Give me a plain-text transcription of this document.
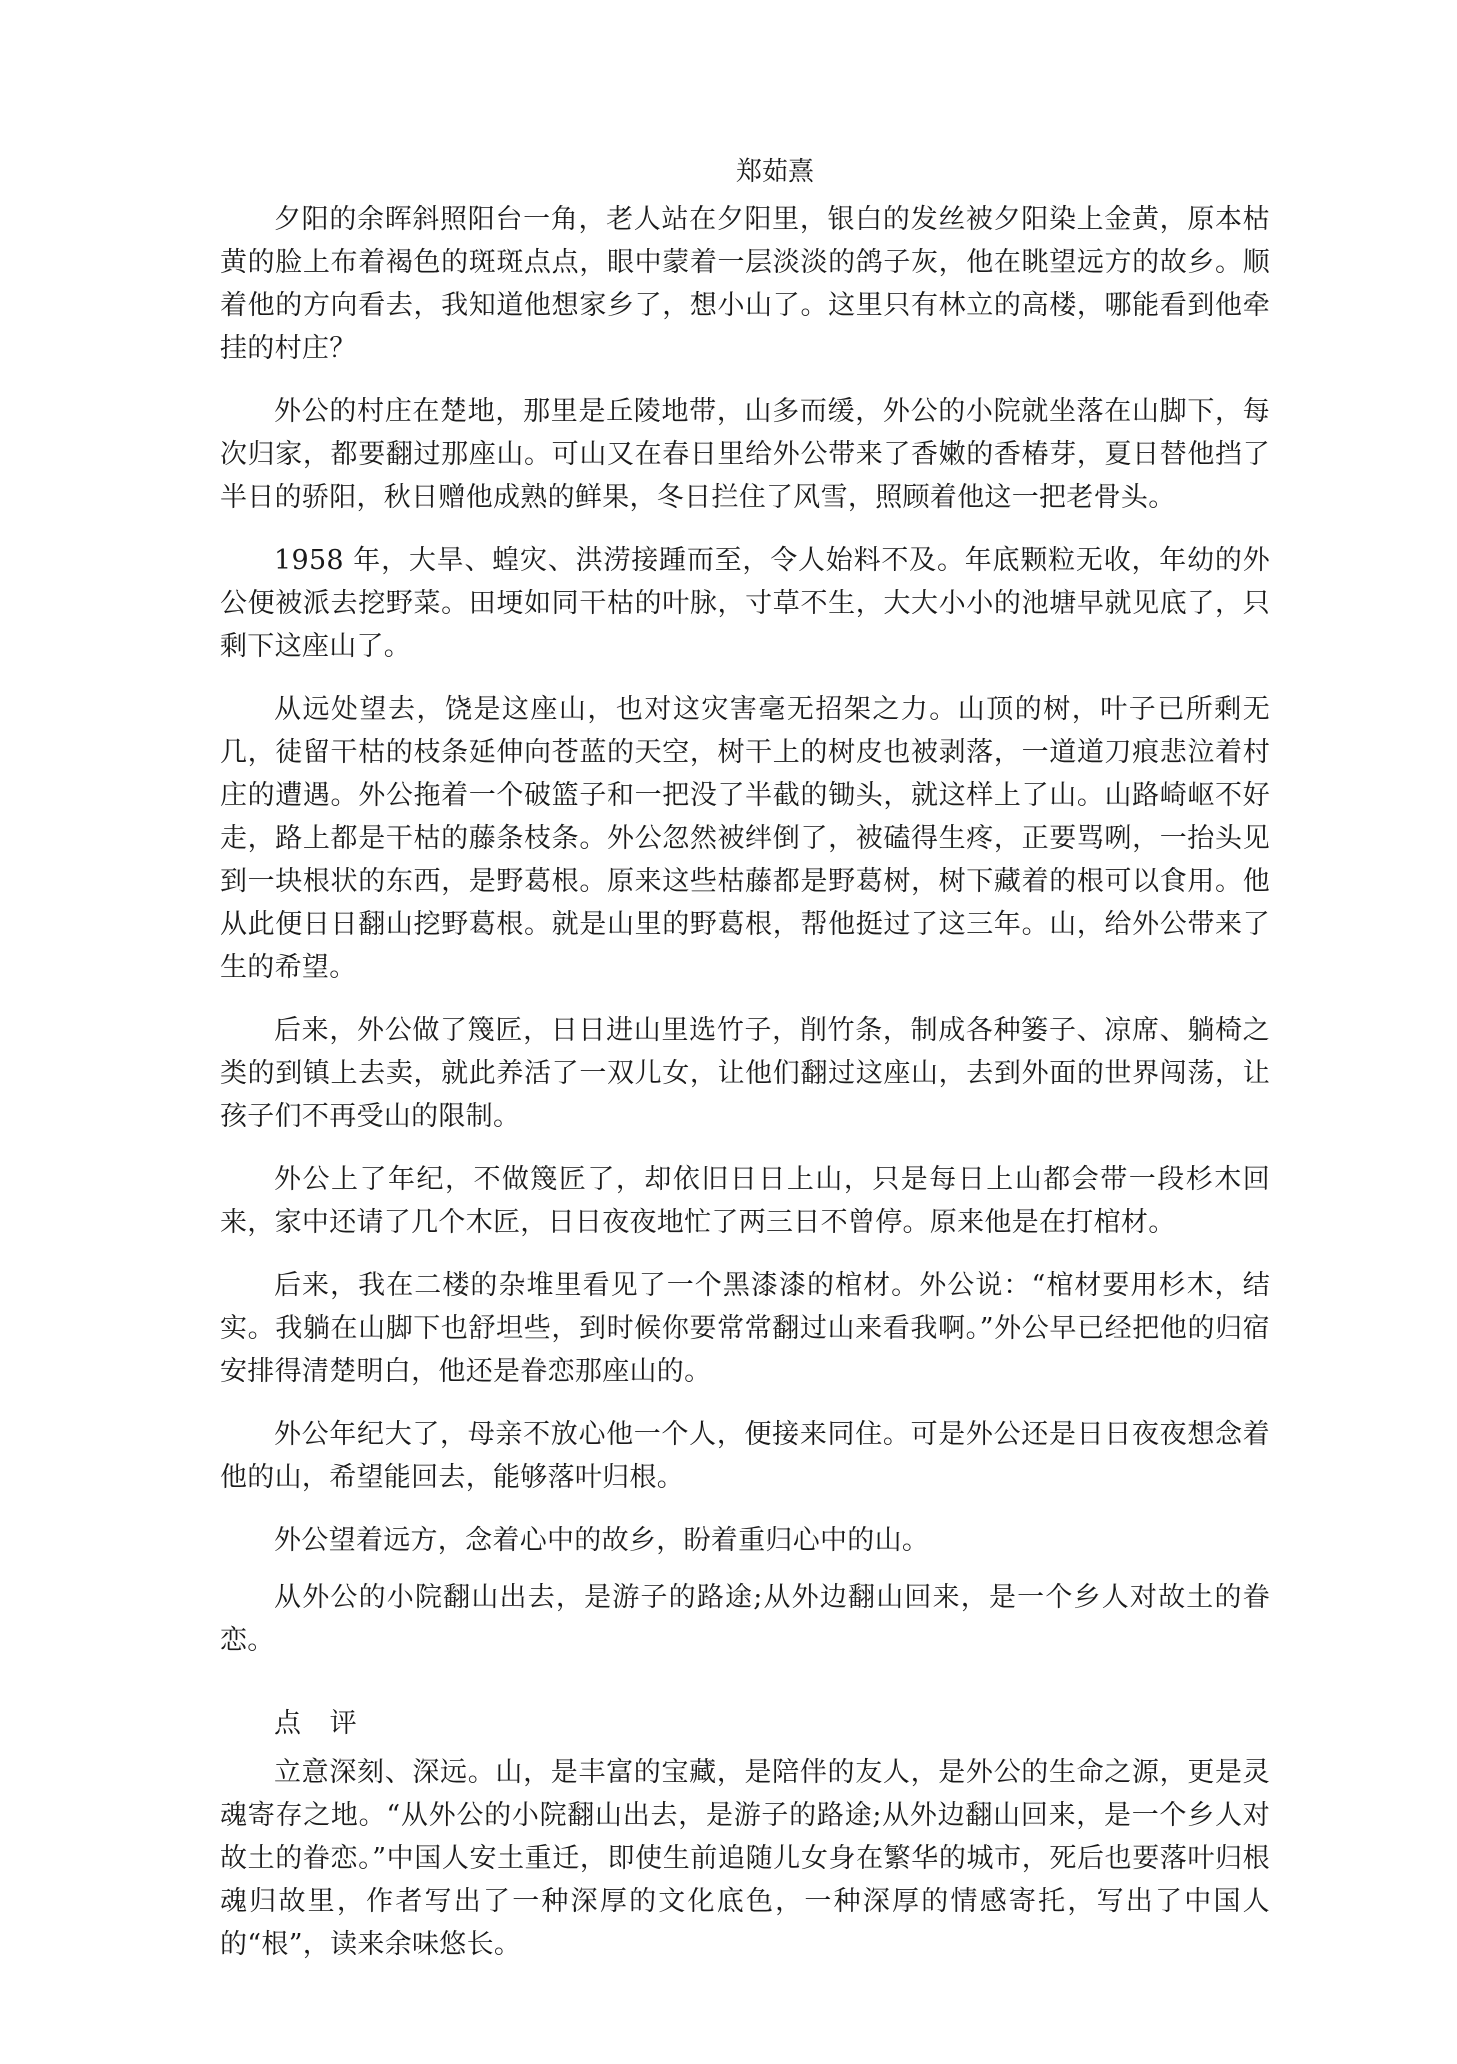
郑茹熹

夕阳的余晖斜照阳台一角，老人站在夕阳里，银白的发丝被夕阳染上金黄，原本枯黄的脸上布着褐色的斑斑点点，眼中蒙着一层淡淡的鸽子灰，他在眺望远方的故乡。顺着他的方向看去，我知道他想家乡了，想小山了。这里只有林立的高楼，哪能看到他牵挂的村庄？

外公的村庄在楚地，那里是丘陵地带，山多而缓，外公的小院就坐落在山脚下，每次归家，都要翻过那座山。可山又在春日里给外公带来了香嫩的香椿芽，夏日替他挡了半日的骄阳，秋日赠他成熟的鲜果，冬日拦住了风雪，照顾着他这一把老骨头。

1958 年，大旱、蝗灾、洪涝接踵而至，令人始料不及。年底颗粒无收，年幼的外公便被派去挖野菜。田埂如同干枯的叶脉，寸草不生，大大小小的池塘早就见底了，只剩下这座山了。

从远处望去，饶是这座山，也对这灾害毫无招架之力。山顶的树，叶子已所剩无几，徒留干枯的枝条延伸向苍蓝的天空，树干上的树皮也被剥落，一道道刀痕悲泣着村庄的遭遇。外公拖着一个破篮子和一把没了半截的锄头，就这样上了山。山路崎岖不好走，路上都是干枯的藤条枝条。外公忽然被绊倒了，被磕得生疼，正要骂咧，一抬头见到一块根状的东西，是野葛根。原来这些枯藤都是野葛树，树下藏着的根可以食用。他从此便日日翻山挖野葛根。就是山里的野葛根，帮他挺过了这三年。山，给外公带来了生的希望。

后来，外公做了篾匠，日日进山里选竹子，削竹条，制成各种篓子、凉席、躺椅之类的到镇上去卖，就此养活了一双儿女，让他们翻过这座山，去到外面的世界闯荡，让孩子们不再受山的限制。

外公上了年纪，不做篾匠了，却依旧日日上山，只是每日上山都会带一段杉木回来，家中还请了几个木匠，日日夜夜地忙了两三日不曾停。原来他是在打棺材。

后来，我在二楼的杂堆里看见了一个黑漆漆的棺材。外公说：“棺材要用杉木，结实。我躺在山脚下也舒坦些，到时候你要常常翻过山来看我啊。”外公早已经把他的归宿安排得清楚明白，他还是眷恋那座山的。

外公年纪大了，母亲不放心他一个人，便接来同住。可是外公还是日日夜夜想念着他的山，希望能回去，能够落叶归根。

外公望着远方，念着心中的故乡，盼着重归心中的山。

从外公的小院翻山出去，是游子的路途;从外边翻山回来，是一个乡人对故土的眷恋。

点 评

立意深刻、深远。山，是丰富的宝藏，是陪伴的友人，是外公的生命之源，更是灵魂寄存之地。“从外公的小院翻山出去，是游子的路途;从外边翻山回来，是一个乡人对故土的眷恋。”中国人安土重迁，即使生前追随儿女身在繁华的城市，死后也要落叶归根魂归故里，作者写出了一种深厚的文化底色，一种深厚的情感寄托，写出了中国人的“根”，读来余味悠长。
